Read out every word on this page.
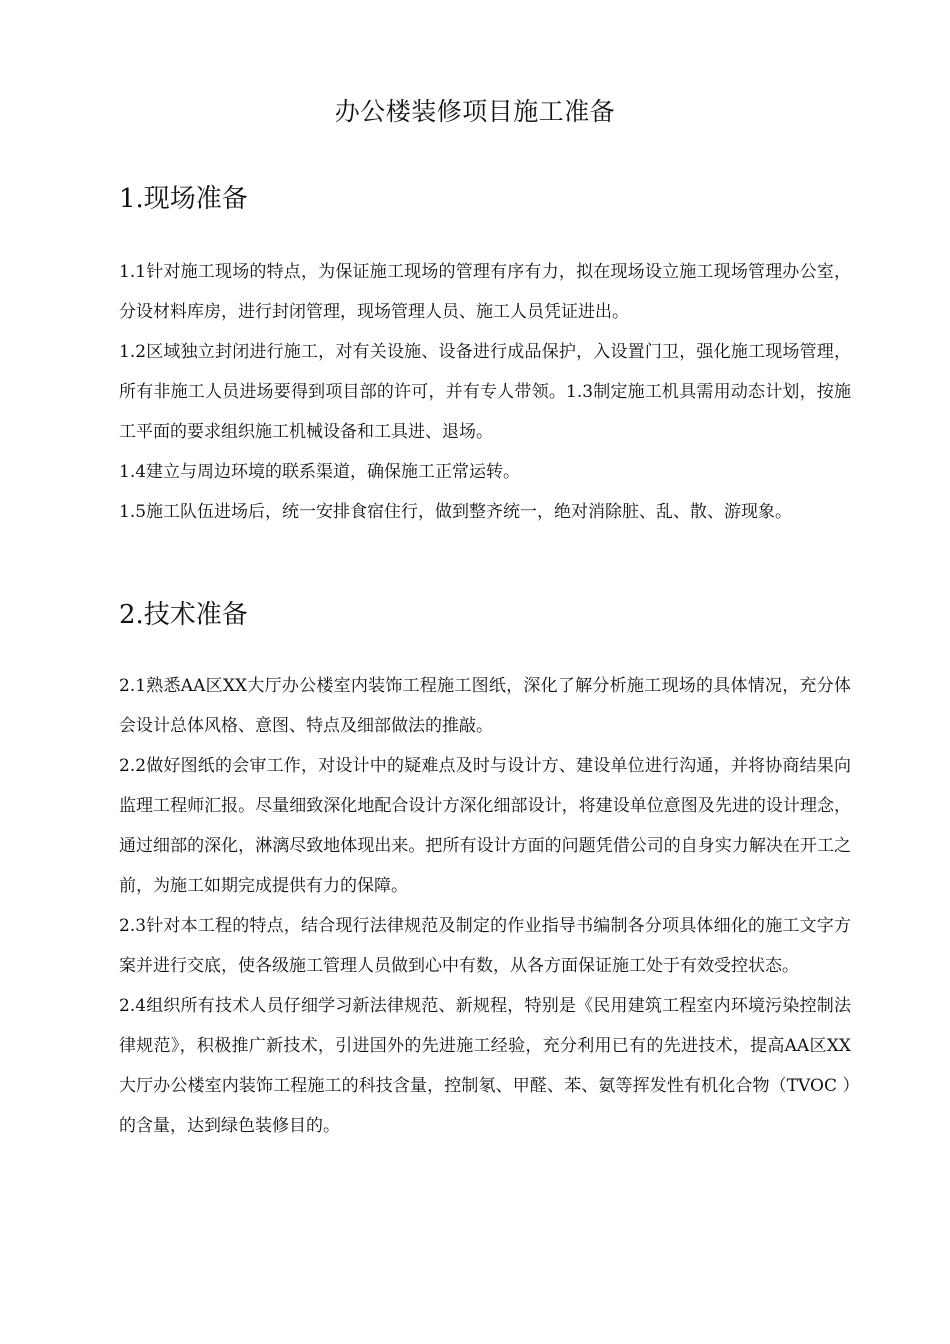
办公楼装修项目施工准备
1.现场准备

1.1针对施工现场的特点，为保证施工现场的管理有序有力，拟在现场设立施工现场管理办公室，分设材料库房，进行封闭管理，现场管理人员、施工人员凭证进出。

1.2区域独立封闭进行施工，对有关设施、设备进行成品保护，入设置门卫，强化施工现场管理，所有非施工人员进场要得到项目部的许可，并有专人带领。1.3制定施工机具需用动态计划，按施工平面的要求组织施工机械设备和工具进、退场。

1.4建立与周边环境的联系渠道，确保施工正常运转。

1.5施工队伍进场后，统一安排食宿住行，做到整齐统一，绝对消除脏、乱、散、游现象。

2.技术准备

2.1熟悉AA区XX大厅办公楼室内装饰工程施工图纸，深化了解分析施工现场的具体情况，充分体会设计总体风格、意图、特点及细部做法的推敲。

2.2做好图纸的会审工作，对设计中的疑难点及时与设计方、建设单位进行沟通，并将协商结果向监理工程师汇报。尽量细致深化地配合设计方深化细部设计，将建设单位意图及先进的设计理念，通过细部的深化，淋漓尽致地体现出来。把所有设计方面的问题凭借公司的自身实力解决在开工之前，为施工如期完成提供有力的保障。

2.3针对本工程的特点，结合现行法律规范及制定的作业指导书编制各分项具体细化的施工文字方案并进行交底，使各级施工管理人员做到心中有数，从各方面保证施工处于有效受控状态。

2.4组织所有技术人员仔细学习新法律规范、新规程，特别是《民用建筑工程室内环境污染控制法律规范》，积极推广新技术，引进国外的先进施工经验，充分利用已有的先进技术，提高AA区XX大厅办公楼室内装饰工程施工的科技含量，控制氡、甲醛、苯、氨等挥发性有机化合物（TVOC ）的含量，达到绿色装修目的。
